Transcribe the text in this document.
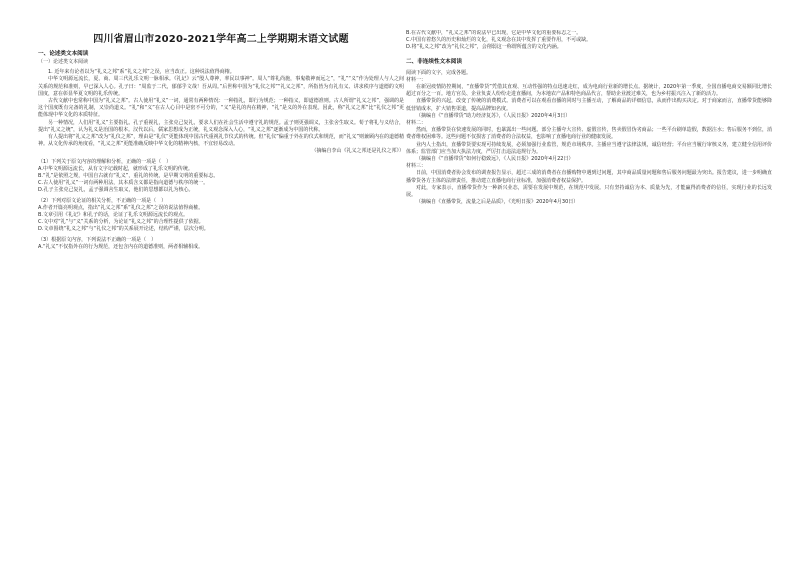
四川省眉山市2020-2021学年高二上学期期末语文试题
一、论述类文本阅读
（一）论述类文本阅读

1. 近年来有论者以为“礼义之邦”系“礼义之邦”之误，应当改正。这种说法值得商榷。

中华文明源远流长，夏、商、周三代礼乐文明一脉相承。《礼记》云“殷人尊神，率民以事神”。周人“尊礼尚施，事鬼敬神而远之”，“礼”“义”作为处理人与人之间关系的规范和准则，早已深入人心。孔子曰：“周监于二代，郁郁乎文哉！吾从周。”后世称中国为“礼仪之邦”“礼义之邦”，所指皆为有礼有义、讲求秩序与道德的文明国度，意在彰显华夏文明的礼乐传统。

古代文献中也常称中国为“礼义之邦”。古人使用“礼义”一词，通常有两种情况：一种指礼，即行为规范；一种指义，即道德准则。古人所谓“礼义之邦”，强调的是这个国度既有完备的礼制，又崇尚道义。“礼”和“义”在古人心目中是密不可分的，“义”是礼的内在精神，“礼”是义的外在表现。因此，称“礼义之邦”比“礼仪之邦”更能体现中华文化的本质特征。

另一种情况，人们用“礼义”主要指礼。孔子重视礼，主张克己复礼，要求人们在社会生活中遵守礼的规范。孟子则更强调义，主张舍生取义。荀子将礼与义结合，提出“礼义之统”，认为礼义是治国的根本。汉代以后，儒家思想成为正统，礼义观念深入人心，“礼义之邦”逐渐成为中国的代称。

有人提出将“礼义之邦”改为“礼仪之邦”，理由是“礼仪”更能体现中国古代重视礼节仪式的传统。但“礼仪”偏重于外在的仪式和规范，而“礼义”则兼顾内在的道德精神。从文化传承的角度看，“礼义之邦”更能准确反映中华文化的精神内核，不宜轻易改动。

（摘编自李山《礼义之邦还是礼仪之邦》）

（1）下列关于原文内容的理解和分析，正确的一项是（　）

A.中华文明源远流长，从有文字记载时起，就形成了礼乐文明的传统。

B.“礼”是依照之规，中国自古就有“礼义”，重礼的传统，是早期文明的重要标志。

C.古人使用“礼义”一词有两种用法，其本质含义都是指向道德与秩序的统一。

D.孔子主张克己复礼，孟子强调舍生取义，他们的思想都以礼为核心。

（2）下列对原文论证的相关分析，不正确的一项是（　）

A.作者开篇亮明观点，指出“礼义之邦”系“礼仪之邦”之误的说法值得商榷。

B.文章引用《礼记》和孔子的话，论证了礼乐文明源远流长的观点。

C.文中对“礼”与“义”关系的分析，为论证“礼义之邦”的合理性提供了依据。

D.文章围绕“礼义之邦”与“礼仪之邦”的关系展开论述，结构严谨，层次分明。

（3）根据原文内容，下列说法不正确的一项是（　）

A.“礼义”不仅指外在的行为规范，还包含内在的道德准则，两者相辅相成。

B.在古代文献中，“礼义之邦”的说法早已出现，它是中华文化的重要标志之一。

C.中国有着悠久的历史和灿烂的文化，礼义观念在其中发挥了重要作用，不可或缺。

D.将“礼义之邦”改为“礼仪之邦”，会削弱这一称谓所蕴含的文化内涵。

二、非连续性文本阅读

阅读下面的文字，完成各题。

材料一：

在新冠疫情防控期间，“直播带货”凭借其直观、互动性强的特点迅速走红，成为电商行业新的增长点。据统计，2020年第一季度，全国直播电商交易额同比增长超过百分之一百。地方官员、企业负责人纷纷走进直播间，为本地农产品和特色商品代言，帮助企业渡过难关，也为乡村振兴注入了新的活力。

直播带货的兴起，改变了传统的消费模式。消费者可以在观看直播的同时与主播互动，了解商品的详细信息，从而作出购买决定。对于商家而言，直播带货能够降低营销成本，扩大销售渠道，提高品牌知名度。

（摘编自《“直播带货”助力经济复苏》，《人民日报》2020年4月3日）

材料二：

然而，直播带货在快速发展的同时，也暴露出一些问题。部分主播夸大宣传、虚假宣传，售卖假冒伪劣商品；一些平台刷单造假，数据注水；售后服务不到位，消费者维权困难等。这些问题不仅损害了消费者的合法权益，也影响了直播电商行业的健康发展。

业内人士指出，直播带货要实现可持续发展，必须加强行业监管，规范市场秩序。主播应当遵守法律法规，诚信经营；平台应当履行审核义务，建立健全信用评价体系；监管部门应当加大执法力度，严厉打击违法违规行为。

（摘编自《“直播带货”如何行稳致远》，《人民日报》2020年4月22日）

材料三：

日前，中国消费者协会发布的调查报告显示，超过三成的消费者在直播购物中遇到过问题，其中商品质量问题和售后服务问题最为突出。报告建议，进一步明确直播带货各方主体的法律责任，推动建立直播电商行业标准，加强消费者权益保护。

对此，专家表示，直播带货作为一种新兴业态，需要在发展中规范，在规范中发展。只有坚持诚信为本、质量为先，才能赢得消费者的信任，实现行业的长远发展。

（摘编自《直播带货，流量之后是品质》，《光明日报》2020年4月30日）
